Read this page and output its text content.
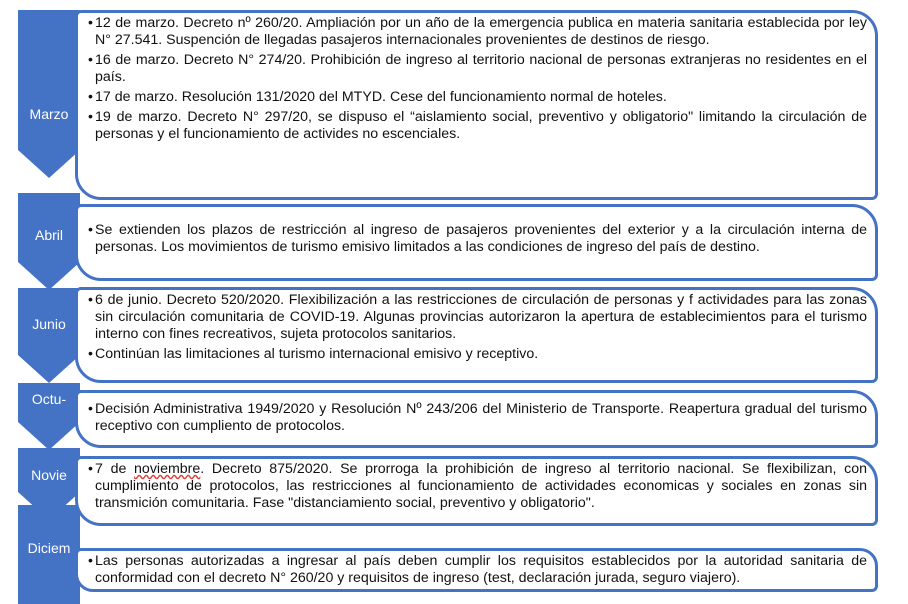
Marzo
Abril
Junio
Octu-
Novie
Diciem
• 12 de marzo. Decreto nº 260/20. Ampliación por un año de la emergencia publica en materia sanitaria establecida por ley N° 27.541. Suspención de llegadas pasajeros internacionales provenientes de destinos de riesgo.
• 16 de marzo. Decreto N° 274/20. Prohibición de ingreso al territorio nacional de personas extranjeras no residentes en el país.
• 17 de marzo. Resolución 131/2020 del MTYD. Cese del funcionamiento normal de hoteles.
• 19 de marzo. Decreto N° 297/20, se dispuso el “aislamiento social, preventivo y obligatorio" limitando la circulación de personas y el funcionamiento de activides no escenciales.
• Se extienden los plazos de restricción al ingreso de pasajeros provenientes del exterior y a la circulación interna de personas. Los movimientos de turismo emisivo limitados a las condiciones de ingreso del país de destino.
• 6 de junio. Decreto 520/2020. Flexibilización a las restricciones de circulación de personas y f actividades para las zonas sin circulación comunitaria de COVID-19. Algunas provincias autorizaron la apertura de establecimientos para el turismo interno con fines recreativos, sujeta protocolos sanitarios.
• Continúan las limitaciones al turismo internacional emisivo y receptivo.
• Decisión Administrativa 1949/2020 y Resolución Nº 243/206 del Ministerio de Transporte. Reapertura gradual del turismo receptivo con cumpliento de protocolos.
• 7 de noviembre. Decreto 875/2020. Se prorroga la prohibición de ingreso al territorio nacional. Se flexibilizan, con cumplimiento de protocolos, las restricciones al funcionamiento de actividades economicas y sociales en zonas sin transmición comunitaria. Fase "distanciamiento social, preventivo y obligatorio".
• Las personas autorizadas a ingresar al país deben cumplir los requisitos establecidos por la autoridad sanitaria de conformidad con el decreto N° 260/20 y requisitos de ingreso (test, declaración jurada, seguro viajero).
